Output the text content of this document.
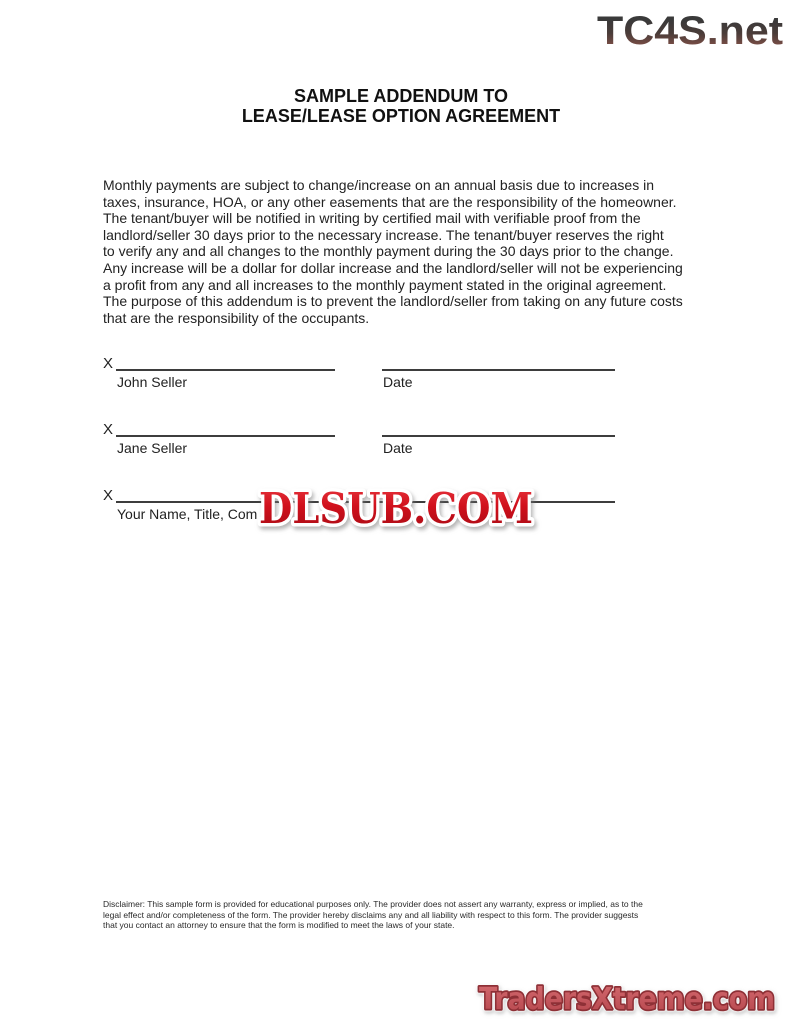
TC4S.net
SAMPLE ADDENDUM TO
LEASE/LEASE OPTION AGREEMENT
Monthly payments are subject to change/increase on an annual basis due to increases in
taxes, insurance, HOA, or any other easements that are the responsibility of the homeowner.
The tenant/buyer will be notified in writing by certified mail with verifiable proof from the
landlord/seller 30 days prior to the necessary increase. The tenant/buyer reserves the right
to verify any and all changes to the monthly payment during the 30 days prior to the change.
Any increase will be a dollar for dollar increase and the landlord/seller will not be experiencing
a profit from any and all increases to the monthly payment stated in the original agreement.
The purpose of this addendum is to prevent the landlord/seller from taking on any future costs
that are the responsibility of the occupants.
X
John Seller	Date
X
Jane Seller	Date
X
Your Name, Title, Com DLSUB.COM
Disclaimer: This sample form is provided for educational purposes only. The provider does not assert any warranty, express or implied, as to the
legal effect and/or completeness of the form. The provider hereby disclaims any and all liability with respect to this form. The provider suggests
that you contact an attorney to ensure that the form is modified to meet the laws of your state.
TradersXtreme.com
